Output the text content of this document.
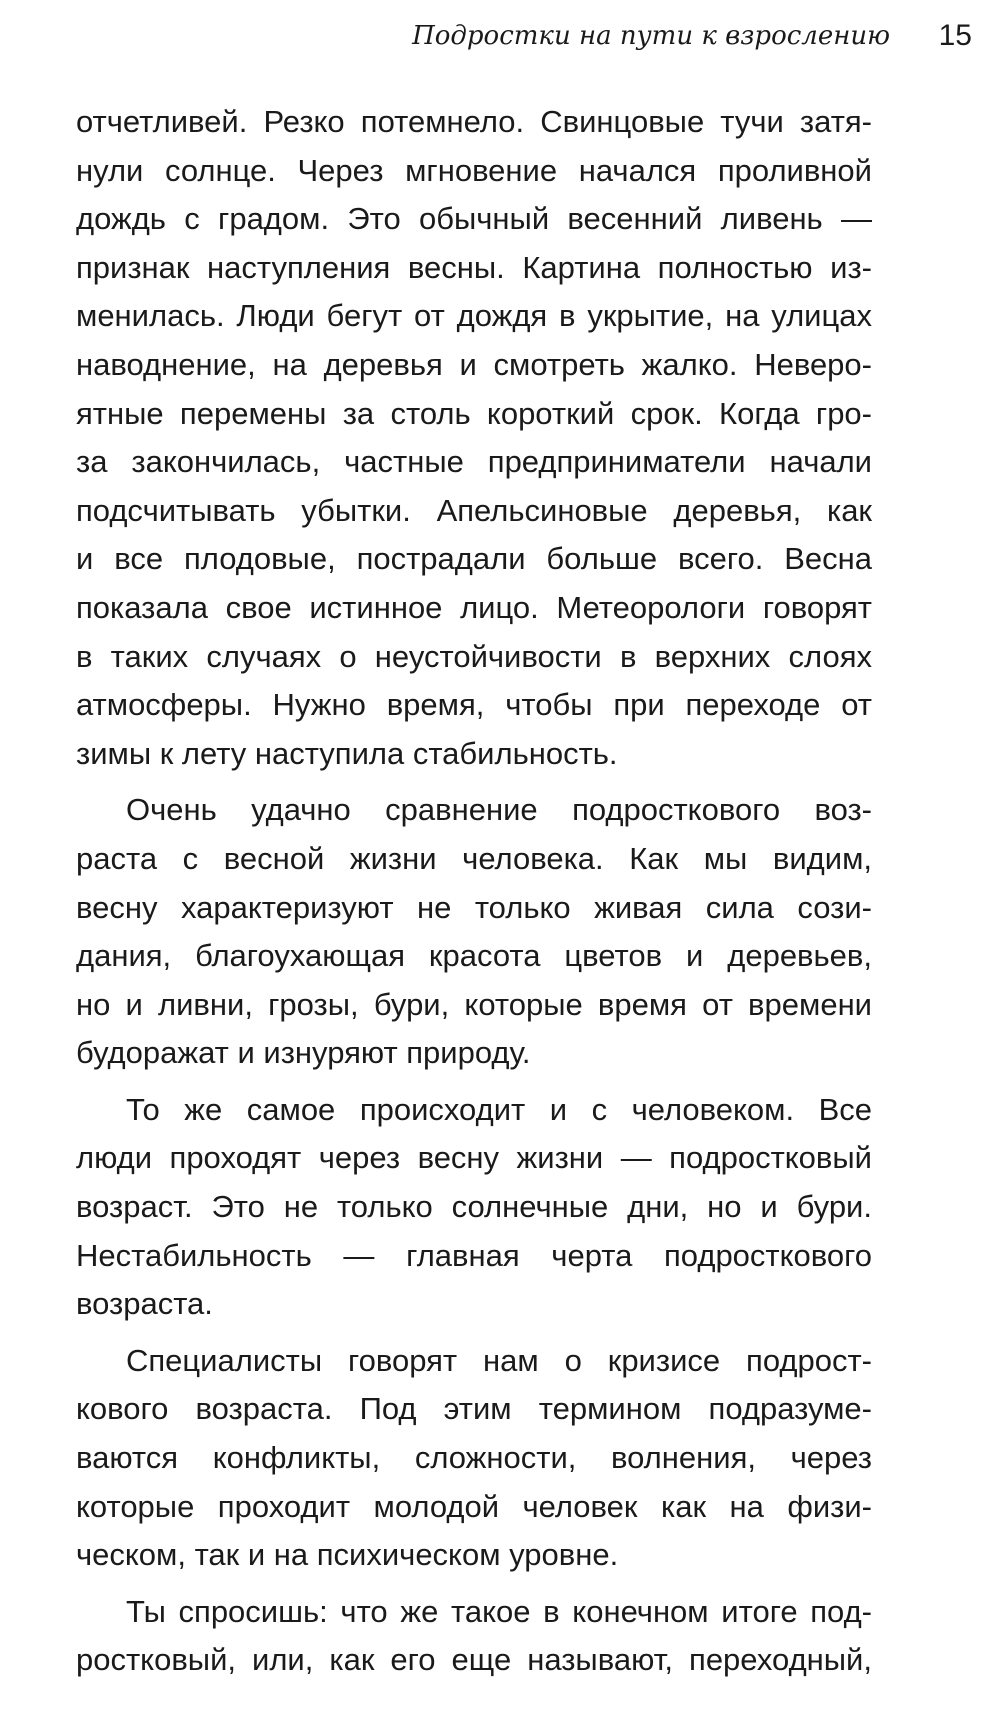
Подростки на пути к взрослению 15
отчетливей. Резко потемнело. Свинцовые тучи затя-
нули солнце. Через мгновение начался проливной
дождь с градом. Это обычный весенний ливень —
признак наступления весны. Картина полностью из-
менилась. Люди бегут от дождя в укрытие, на улицах
наводнение, на деревья и смотреть жалко. Неверо-
ятные перемены за столь короткий срок. Когда гро-
за закончилась, частные предприниматели начали
подсчитывать убытки. Апельсиновые деревья, как
и все плодовые, пострадали больше всего. Весна
показала свое истинное лицо. Метеорологи говорят
в таких случаях о неустойчивости в верхних слоях
атмосферы. Нужно время, чтобы при переходе от
зимы к лету наступила стабильность.
Очень удачно сравнение подросткового воз-
раста с весной жизни человека. Как мы видим,
весну характеризуют не только живая сила сози-
дания, благоухающая красота цветов и деревьев,
но и ливни, грозы, бури, которые время от времени
будоражат и изнуряют природу.
То же самое происходит и с человеком. Все
люди проходят через весну жизни — подростковый
возраст. Это не только солнечные дни, но и бури.
Нестабильность — главная черта подросткового
возраста.
Специалисты говорят нам о кризисе подрост-
кового возраста. Под этим термином подразуме-
ваются конфликты, сложности, волнения, через
которые проходит молодой человек как на физи-
ческом, так и на психическом уровне.
Ты спросишь: что же такое в конечном итоге под-
ростковый, или, как его еще называют, переходный,
